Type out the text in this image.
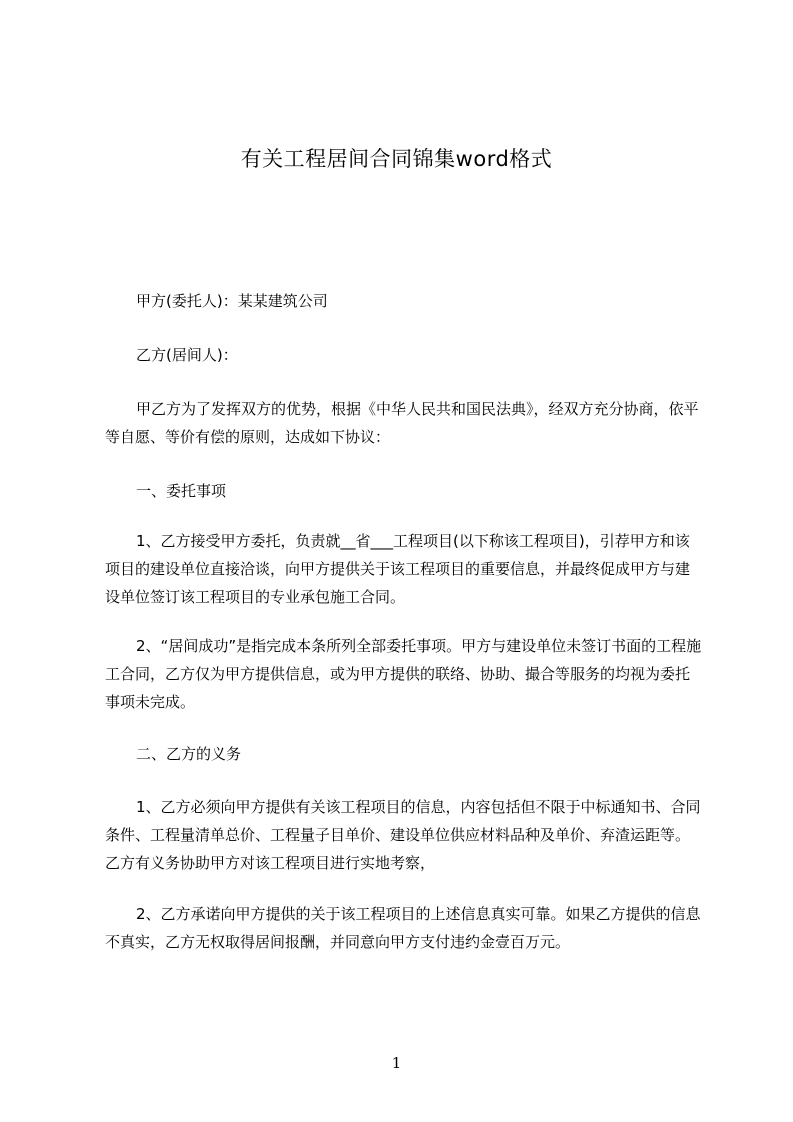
有关工程居间合同锦集word格式

甲方(委托人)：某某建筑公司

乙方(居间人)：

甲乙方为了发挥双方的优势，根据《中华人民共和国民法典》，经双方充分协商，依平等自愿、等价有偿的原则，达成如下协议：

一、委托事项

1、乙方接受甲方委托，负责就__省___工程项目(以下称该工程项目)，引荐甲方和该项目的建设单位直接洽谈，向甲方提供关于该工程项目的重要信息，并最终促成甲方与建设单位签订该工程项目的专业承包施工合同。

2、“居间成功”是指完成本条所列全部委托事项。甲方与建设单位未签订书面的工程施工合同，乙方仅为甲方提供信息，或为甲方提供的联络、协助、撮合等服务的均视为委托事项未完成。

二、乙方的义务

1、乙方必须向甲方提供有关该工程项目的信息，内容包括但不限于中标通知书、合同条件、工程量清单总价、工程量子目单价、建设单位供应材料品种及单价、弃渣运距等。乙方有义务协助甲方对该工程项目进行实地考察，

2、乙方承诺向甲方提供的关于该工程项目的上述信息真实可靠。如果乙方提供的信息不真实，乙方无权取得居间报酬，并同意向甲方支付违约金壹百万元。

1
